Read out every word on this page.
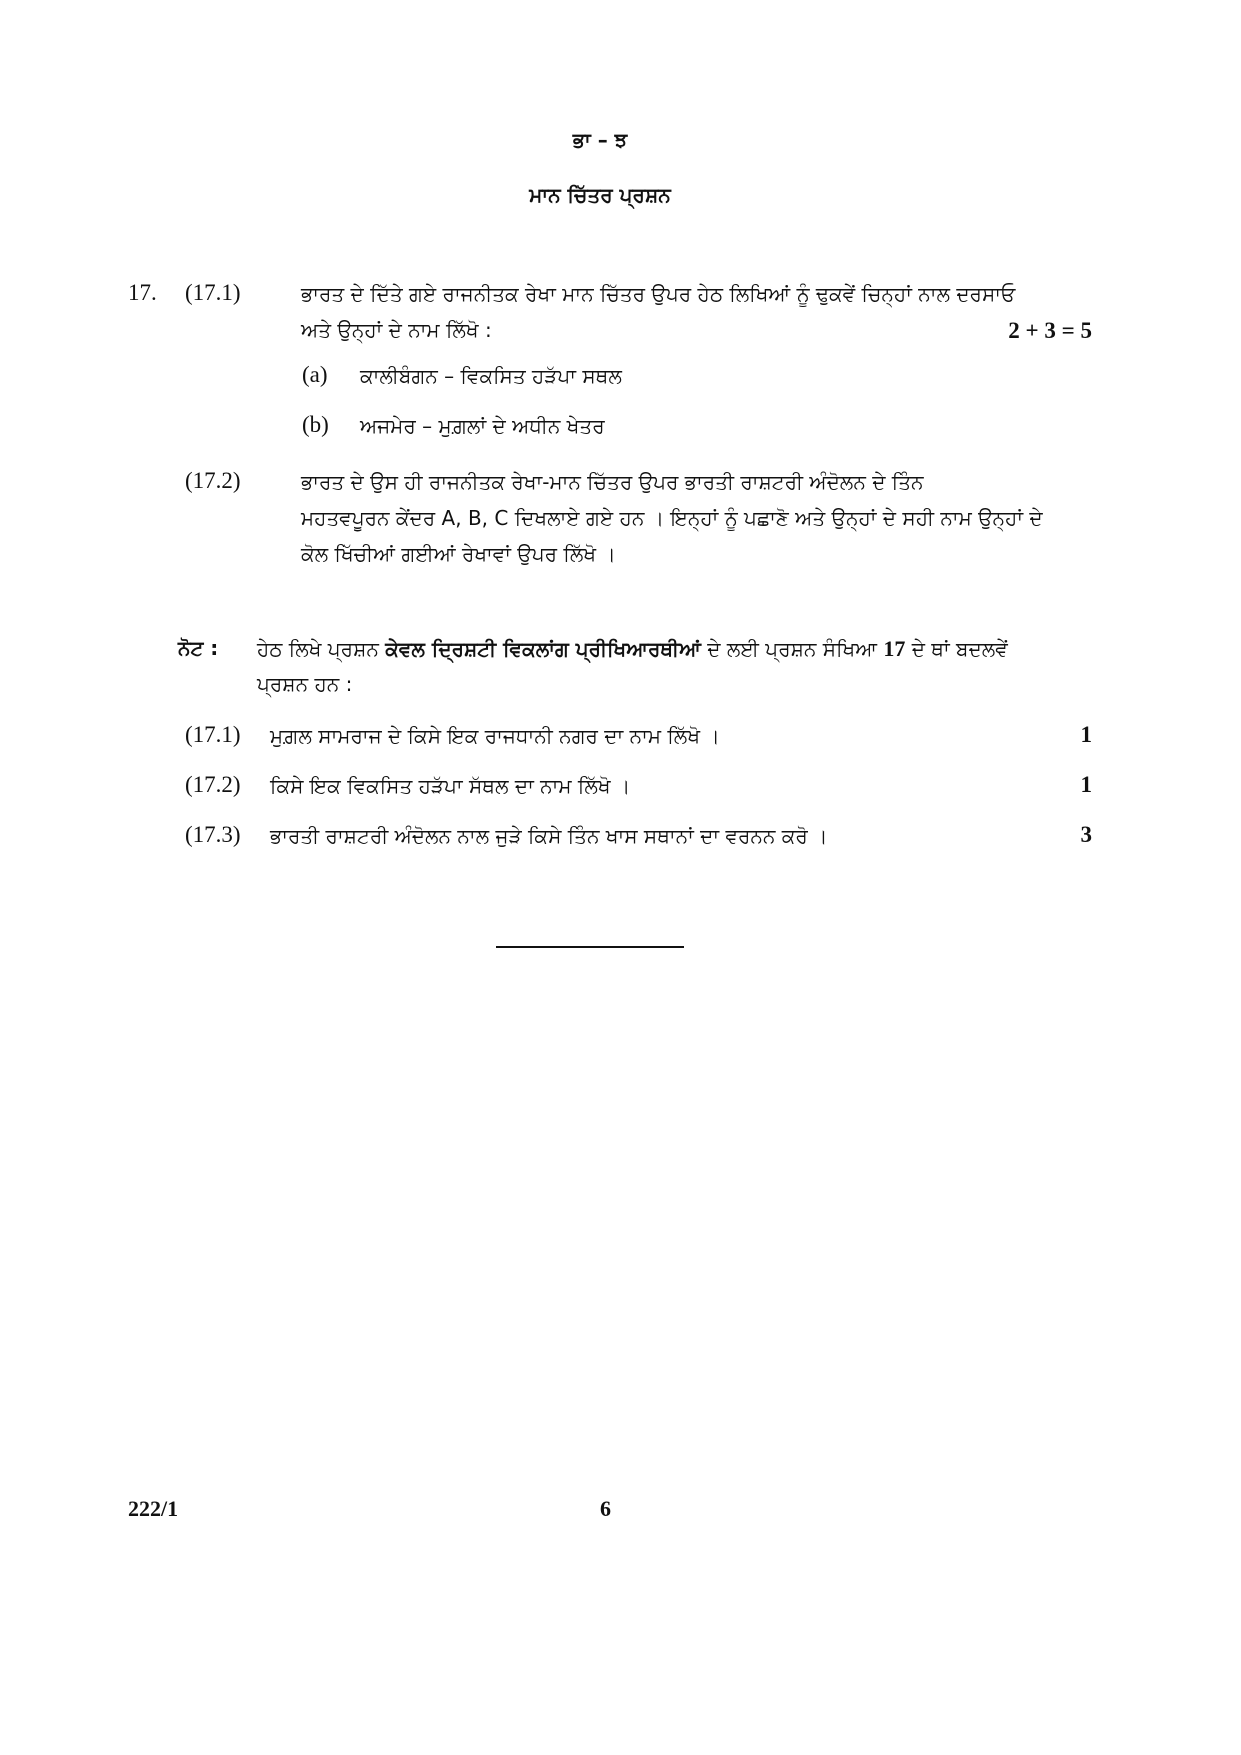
ਭਾ – ਝ
ਮਾਨ ਚਿੱਤਰ ਪ੍ਰਸ਼ਨ
17. (17.1)	ਭਾਰਤ ਦੇ ਦਿੱਤੇ ਗਏ ਰਾਜਨੀਤਕ ਰੇਖਾ ਮਾਨ ਚਿੱਤਰ ਉਪਰ ਹੇਠ ਲਿਖਿਆਂ ਨੂੰ ਢੁਕਵੇਂ ਚਿਨ੍ਹਾਂ ਨਾਲ ਦਰਸਾਓ
ਅਤੇ ਉਨ੍ਹਾਂ ਦੇ ਨਾਮ ਲਿੱਖੋ :	2 + 3 = 5
(a) ਕਾਲੀਬੰਗਨ – ਵਿਕਸਿਤ ਹੜੱਪਾ ਸਥਲ
(b) ਅਜਮੇਰ – ਮੁਗ਼ਲਾਂ ਦੇ ਅਧੀਨ ਖੇਤਰ
(17.2)	ਭਾਰਤ ਦੇ ਉਸ ਹੀ ਰਾਜਨੀਤਕ ਰੇਖਾ-ਮਾਨ ਚਿੱਤਰ ਉਪਰ ਭਾਰਤੀ ਰਾਸ਼ਟਰੀ ਅੰਦੋਲਨ ਦੇ ਤਿੰਨ
ਮਹਤਵਪੂਰਨ ਕੇਂਦਰ A, B, C ਦਿਖਲਾਏ ਗਏ ਹਨ । ਇਨ੍ਹਾਂ ਨੂੰ ਪਛਾਣੋ ਅਤੇ ਉਨ੍ਹਾਂ ਦੇ ਸਹੀ ਨਾਮ ਉਨ੍ਹਾਂ ਦੇ
ਕੋਲ ਖਿੱਚੀਆਂ ਗਈਆਂ ਰੇਖਾਵਾਂ ਉਪਰ ਲਿੱਖੋ ।
ਨੋਟ : ਹੇਠ ਲਿਖੇ ਪ੍ਰਸ਼ਨ ਕੇਵਲ ਦ੍ਰਿਸ਼ਟੀ ਵਿਕਲਾਂਗ ਪ੍ਰੀਖਿਆਰਥੀਆਂ ਦੇ ਲਈ ਪ੍ਰਸ਼ਨ ਸੰਖਿਆ 17 ਦੇ ਥਾਂ ਬਦਲਵੇਂ
ਪ੍ਰਸ਼ਨ ਹਨ :
(17.1) ਮੁਗ਼ਲ ਸਾਮਰਾਜ ਦੇ ਕਿਸੇ ਇਕ ਰਾਜਧਾਨੀ ਨਗਰ ਦਾ ਨਾਮ ਲਿੱਖੋ ।	1
(17.2) ਕਿਸੇ ਇਕ ਵਿਕਸਿਤ ਹੜੱਪਾ ਸੱਥਲ ਦਾ ਨਾਮ ਲਿੱਖੋ ।	1
(17.3) ਭਾਰਤੀ ਰਾਸ਼ਟਰੀ ਅੰਦੋਲਨ ਨਾਲ ਜੁੜੇ ਕਿਸੇ ਤਿੰਨ ਖਾਸ ਸਥਾਨਾਂ ਦਾ ਵਰਨਨ ਕਰੋ ।	3
222/1	6
